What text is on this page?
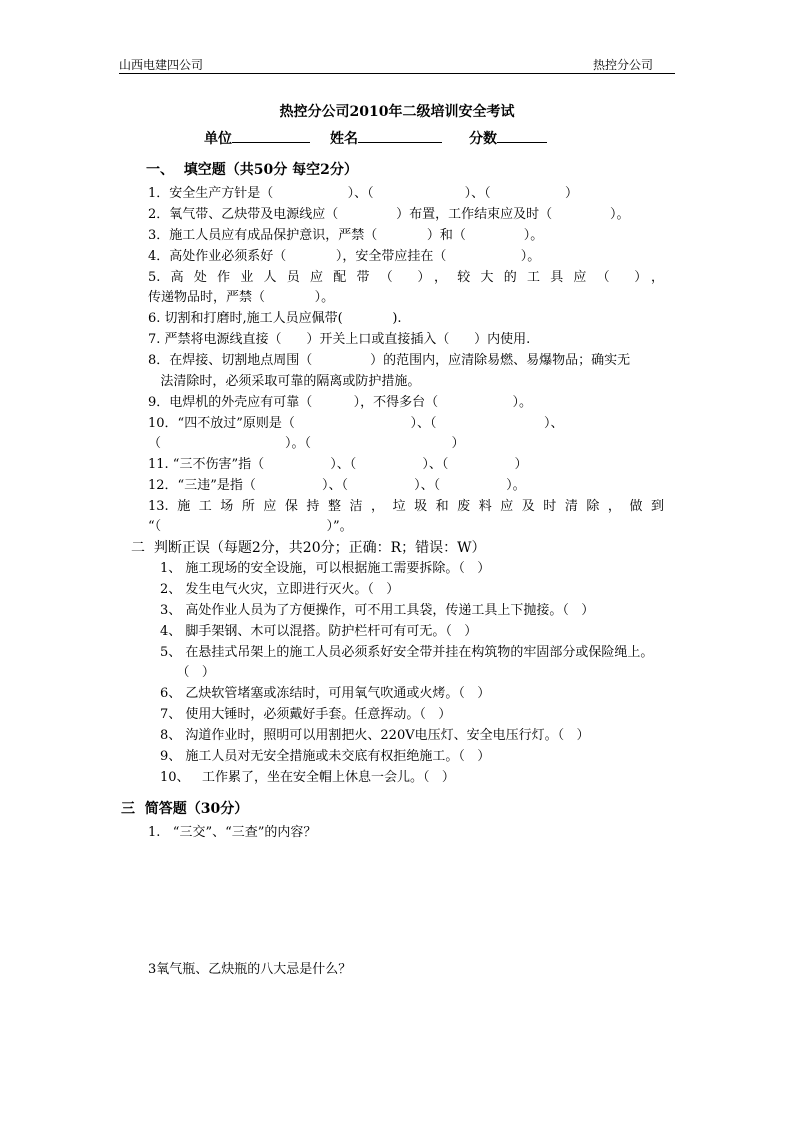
山西电建四公司	热控分公司
热控分公司2010年二级培训安全考试
单位	姓名	分数
一、  填空题（共50分 每空2分）
1．安全生产方针是（                  ）、（                      ）、（                  ）
2．氧气带、乙炔带及电源线应（              ）布置，工作结束应及时（              ）。
3．施工人员应有成品保护意识，严禁（            ）和（              ）。
4．高处作业必须系好（            ），安全带应挂在（                  ）。
5.高处作业人员应配带（ ），较大的工具应（ ），
传递物品时，严禁（            ）。
6. 切割和打磨时,施工人员应佩带(            ).
7. 严禁将电源线直接（      ）开关上口或直接插入（      ）内使用.
8．在焊接、切割地点周围（              ）的范围内，应清除易燃、易爆物品；确实无
法清除时，必须采取可靠的隔离或防护措施。
9．电焊机的外壳应有可靠（          ），不得多台（                  ）。
10．“四不放过”原则是（                            ）、（                          ）、
（                              ）。（                                  ）
11. “三不伤害”指（                ）、（                ）、（                ）
12．“三违”是指（                ）、（                ）、（                ）。
13.施工场所应保持整洁，垃圾和废料应及时清除，做到
“（                                        ）”。
二  判断正误（每题2分，共20分；正确：R；错误：W）
1、 施工现场的安全设施，可以根据施工需要拆除。（   ）
2、 发生电气火灾，立即进行灭火。（   ）
3、 高处作业人员为了方便操作，可不用工具袋，传递工具上下抛接。（   ）
4、 脚手架钢、木可以混搭。防护栏杆可有可无。（   ）
5、 在悬挂式吊架上的施工人员必须系好安全带并挂在构筑物的牢固部分或保险绳上。
（   ）
6、 乙炔软管堵塞或冻结时，可用氧气吹通或火烤。（   ）
7、 使用大锤时，必须戴好手套。任意挥动。（   ）
8、 沟道作业时，照明可以用割把火、220V电压灯、安全电压行灯。（   ）
9、 施工人员对无安全措施或未交底有权拒绝施工。（   ）
10、   工作累了，坐在安全帽上休息一会儿。（   ）
三  简答题（30分）
1.   “三交”、“三查”的内容？
3氧气瓶、乙炔瓶的八大忌是什么？
